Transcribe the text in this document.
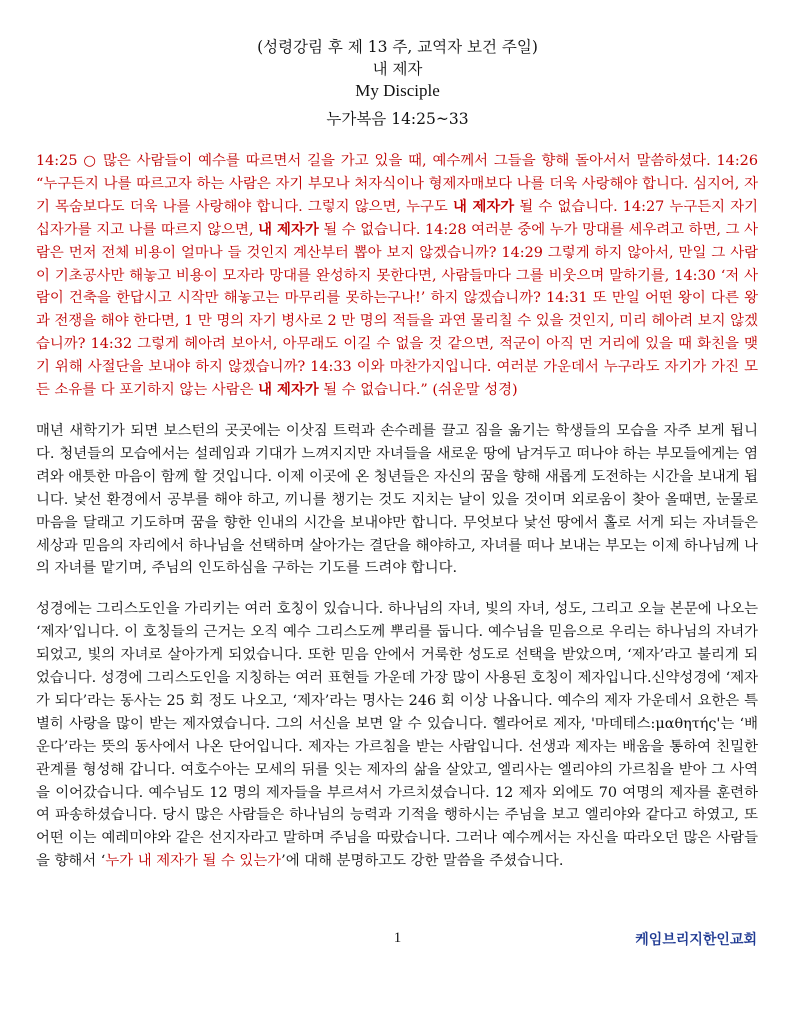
(성령강림 후 제 13 주, 교역자 보건 주일)
내 제자
My Disciple
누가복음 14:25~33

14:25 ○ 많은 사람들이 예수를 따르면서 길을 가고 있을 때, 예수께서 그들을 향해 돌아서서 말씀하셨다. 14:26 “누구든지 나를 따르고자 하는 사람은 자기 부모나 처자식이나 형제자매보다 나를 더욱 사랑해야 합니다. 심지어, 자기 목숨보다도 더욱 나를 사랑해야 합니다. 그렇지 않으면, 누구도 내 제자가 될 수 없습니다. 14:27 누구든지 자기 십자가를 지고 나를 따르지 않으면, 내 제자가 될 수 없습니다. 14:28 여러분 중에 누가 망대를 세우려고 하면, 그 사람은 먼저 전체 비용이 얼마나 들 것인지 계산부터 뽑아 보지 않겠습니까? 14:29 그렇게 하지 않아서, 만일 그 사람이 기초공사만 해놓고 비용이 모자라 망대를 완성하지 못한다면, 사람들마다 그를 비웃으며 말하기를, 14:30 ‘저 사람이 건축을 한답시고 시작만 해놓고는 마무리를 못하는구나!’ 하지 않겠습니까? 14:31 또 만일 어떤 왕이 다른 왕과 전쟁을 해야 한다면, 1 만 명의 자기 병사로 2 만 명의 적들을 과연 물리칠 수 있을 것인지, 미리 헤아려 보지 않겠습니까? 14:32 그렇게 헤아려 보아서, 아무래도 이길 수 없을 것 같으면, 적군이 아직 먼 거리에 있을 때 화친을 맺기 위해 사절단을 보내야 하지 않겠습니까? 14:33 이와 마찬가지입니다. 여러분 가운데서 누구라도 자기가 가진 모든 소유를 다 포기하지 않는 사람은 내 제자가 될 수 없습니다.” (쉬운말 성경)

매년 새학기가 되면 보스턴의 곳곳에는 이삿짐 트럭과 손수레를 끌고 짐을 옮기는 학생들의 모습을 자주 보게 됩니다. 청년들의 모습에서는 설레임과 기대가 느껴지지만 자녀들을 새로운 땅에 남겨두고 떠나야 하는 부모들에게는 염려와 애틋한 마음이 함께 할 것입니다. 이제 이곳에 온 청년들은 자신의 꿈을 향해 새롭게 도전하는 시간을 보내게 됩니다. 낯선 환경에서 공부를 해야 하고, 끼니를 챙기는 것도 지치는 날이 있을 것이며 외로움이 찾아 올때면, 눈물로 마음을 달래고 기도하며 꿈을 향한 인내의 시간을 보내야만 합니다. 무엇보다 낯선 땅에서 홀로 서게 되는 자녀들은 세상과 믿음의 자리에서 하나님을 선택하며 살아가는 결단을 해야하고, 자녀를 떠나 보내는 부모는 이제 하나님께 나의 자녀를 맡기며, 주님의 인도하심을 구하는 기도를 드려야 합니다.

성경에는 그리스도인을 가리키는 여러 호칭이 있습니다. 하나님의 자녀, 빛의 자녀, 성도, 그리고 오늘 본문에 나오는 ‘제자’입니다. 이 호칭들의 근거는 오직 예수 그리스도께 뿌리를 둡니다. 예수님을 믿음으로 우리는 하나님의 자녀가 되었고, 빛의 자녀로 살아가게 되었습니다. 또한 믿음 안에서 거룩한 성도로 선택을 받았으며, ‘제자’라고 불리게 되었습니다. 성경에 그리스도인을 지칭하는 여러 표현들 가운데 가장 많이 사용된 호칭이 제자입니다.신약성경에 ‘제자가 되다’라는 동사는 25 회 정도 나오고, ‘제자’라는 명사는 246 회 이상 나옵니다. 예수의 제자 가운데서 요한은 특별히 사랑을 많이 받는 제자였습니다. 그의 서신을 보면 알 수 있습니다. 헬라어로 제자, '마데테스:μαθητής'는 ‘배운다’라는 뜻의 동사에서 나온 단어입니다. 제자는 가르침을 받는 사람입니다. 선생과 제자는 배움을 통하여 친밀한 관계를 형성해 갑니다. 여호수아는 모세의 뒤를 잇는 제자의 삶을 살았고, 엘리사는 엘리야의 가르침을 받아 그 사역을 이어갔습니다. 예수님도 12 명의 제자들을 부르셔서 가르치셨습니다. 12 제자 외에도 70 여명의 제자를 훈련하여 파송하셨습니다. 당시 많은 사람들은 하나님의 능력과 기적을 행하시는 주님을 보고 엘리야와 같다고 하였고, 또 어떤 이는 예레미야와 같은 선지자라고 말하며 주님을 따랐습니다. 그러나 예수께서는 자신을 따라오던 많은 사람들을 향해서 ‘누가 내 제자가 될 수 있는가’에 대해 분명하고도 강한 말씀을 주셨습니다.

1	케임브리지한인교회
